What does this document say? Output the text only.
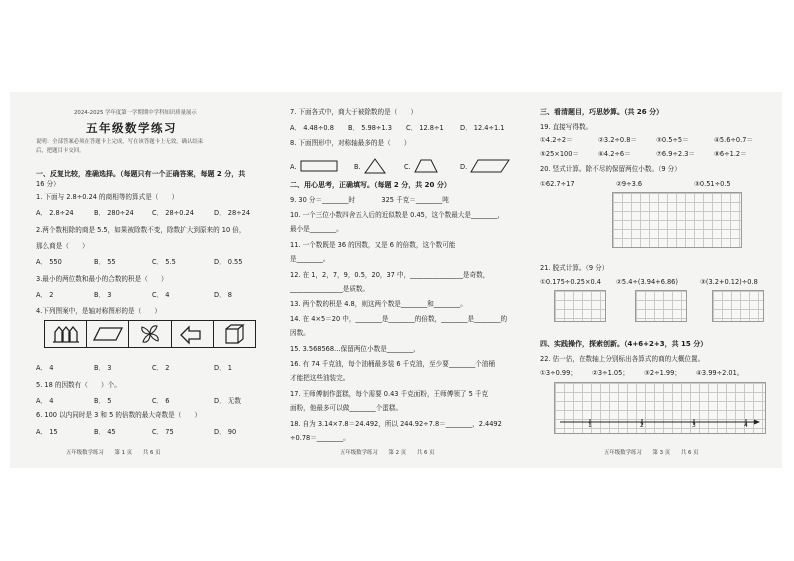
2024-2025 学年度第一学期期中学科知识质量展示
五年级数学练习
说明：全部答案必须在答题卡上完成，写在该答题卡上无效，确认结束
后，把题目卡交回。
一、反复比较，准确选择。（每题只有一个正确答案，每题 2 分，共
16 分）
1. 下面与 2.8÷0.24 的商相等的算式是（　　）
A． 2.8÷24	B． 280÷24	C． 28÷0.24	D． 28÷24
2.两个数相除的商是 5.5，如果被除数不变，除数扩大到原来的 10 倍，
那么商是（　　）
A． 550	B． 55	C． 5.5	D． 0.55
3.最小的两位数和最小的合数的积是（　　）
A． 2	B． 3	C． 4	D． 8
4.下列图案中，是轴对称图形的是（　　）
A． 4	B． 3	C． 2	D． 1
5. 18 的因数有（　　）个。
A． 4	B． 5	C． 6	D． 无数
6. 100 以内同时是 3 和 5 的倍数的最大奇数是（　　）
A． 15	B． 45	C． 75	D． 90
五年级数学练习　　第 1 页　　共 6 页
7. 下面各式中，商大于被除数的是（　　）
A． 4.48÷0.8	B． 5.98÷1.3	C． 12.8÷1	D． 12.4÷1.1
8. 下面图形中，对称轴最多的是（　　）
A.	B.	C.	D.
二、用心思考，正确填写。（每题 2 分，共 20 分）
9. 30 分＝________时　　　　325 千克＝________吨
10. 一个三位小数四舍五入后的近似数是 0.45，这个数最大是________，
最小是________。
11. 一个数既是 36 的因数，又是 6 的倍数，这个数可能
是________。
12. 在 1，2，7，9，0.5，20，37 中，________________是奇数，
________________是质数。
13. 两个数的积是 4.8，则这两个数是________和________。
14. 在 4×5＝20 中，________是________的倍数，________是________的
因数。
15. 3.568568…保留两位小数是________，
16. 有 74 千克油，每个油桶最多装 6 千克油，至少要________个油桶
才能把这些油装完。
17. 王师傅制作蛋糕，每个需要 0.43 千克面粉，王师傅领了 5 千克
面粉，他最多可以做________个蛋糕。
18. 自为 3.14×7.8＝24.492，所以 244.92÷7.8＝________，2.4492
÷0.78＝________。
五年级数学练习　　第 2 页　　共 6 页
三、看清题目，巧思妙算。（共 26 分）
19. 直接写得数。
①4.2÷2＝	②3.2÷0.8＝	③0.5÷5＝	④5.6÷0.7＝
⑤25×100＝	⑥4.2÷6＝	⑦6.9÷2.3＝	⑧6÷1.2＝
20. 竖式计算。除不尽的保留两位小数。（9 分）
①62.7÷17	②9÷3.6	③0.51÷0.5
21. 脱式计算。（9 分）
①0.175÷0.25×0.4	②5.4÷(3.94+6.86)	③(3.2+0.12)÷0.8
四、实践操作，探索创新。（4+6+2+3，共 15 分）
22. 估一估，在数轴上分别标出各算式的商的大概位置。
①3÷0.99；	②3÷1.05；	③2÷1.99；	④3.99÷2.01。
1	2	3	4
五年级数学练习　　第 3 页　　共 6 页
